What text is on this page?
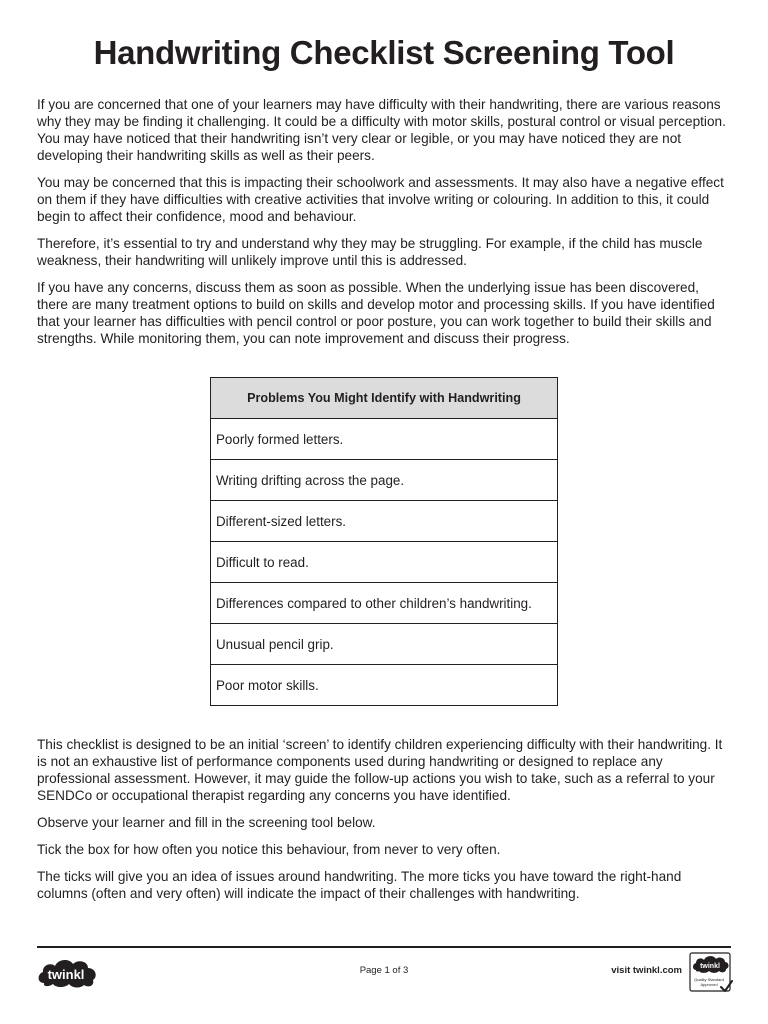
Handwriting Checklist Screening Tool

If you are concerned that one of your learners may have difficulty with their handwriting, there are various reasons why they may be finding it challenging. It could be a difficulty with motor skills, postural control or visual perception. You may have noticed that their handwriting isn’t very clear or legible, or you may have noticed they are not developing their handwriting skills as well as their peers.

You may be concerned that this is impacting their schoolwork and assessments. It may also have a negative effect on them if they have difficulties with creative activities that involve writing or colouring. In addition to this, it could begin to affect their confidence, mood and behaviour.

Therefore, it’s essential to try and understand why they may be struggling. For example, if the child has muscle weakness, their handwriting will unlikely improve until this is addressed.

If you have any concerns, discuss them as soon as possible. When the underlying issue has been discovered, there are many treatment options to build on skills and develop motor and processing skills. If you have identified that your learner has difficulties with pencil control or poor posture, you can work together to build their skills and strengths. While monitoring them, you can note improvement and discuss their progress.

Problems You Might Identify with Handwriting
Poorly formed letters.
Writing drifting across the page.
Different-sized letters.
Difficult to read.
Differences compared to other children’s handwriting.
Unusual pencil grip.
Poor motor skills.

This checklist is designed to be an initial ‘screen’ to identify children experiencing difficulty with their handwriting. It is not an exhaustive list of performance components used during handwriting or designed to replace any professional assessment. However, it may guide the follow-up actions you wish to take, such as a referral to your SENDCo or occupational therapist regarding any concerns you have identified.

Observe your learner and fill in the screening tool below.

Tick the box for how often you notice this behaviour, from never to very often.

The ticks will give you an idea of issues around handwriting. The more ticks you have toward the right-hand columns (often and very often) will indicate the impact of their challenges with handwriting.

twinkl	Page 1 of 3	visit twinkl.com	twinkl
Quality Standard
Approved
